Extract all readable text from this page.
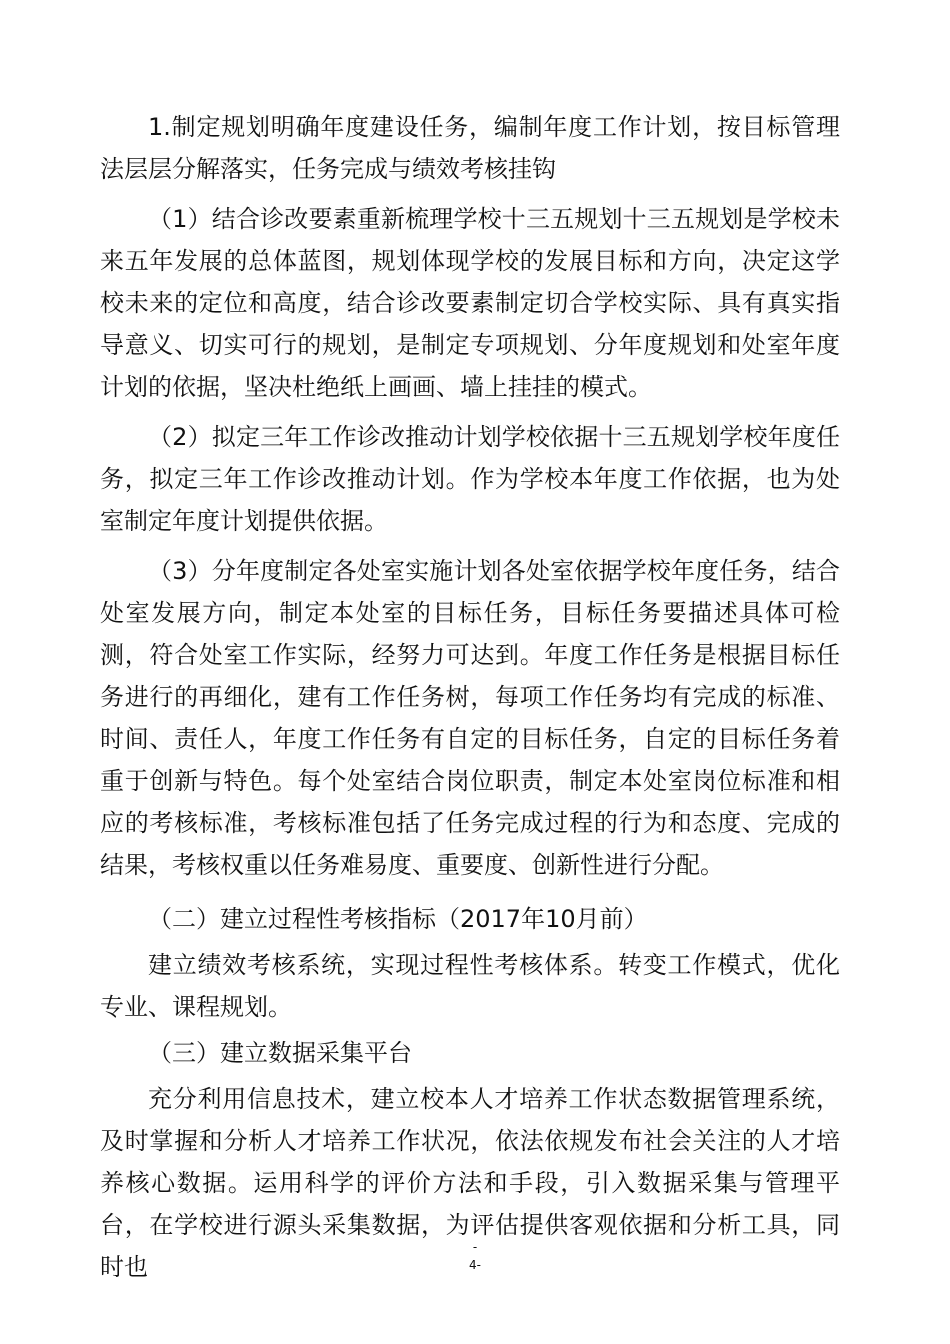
1.制定规划明确年度建设任务，编制年度工作计划，按目标管理法层层分解落实，任务完成与绩效考核挂钩

（1）结合诊改要素重新梳理学校十三五规划十三五规划是学校未来五年发展的总体蓝图，规划体现学校的发展目标和方向，决定这学校未来的定位和高度，结合诊改要素制定切合学校实际、具有真实指导意义、切实可行的规划，是制定专项规划、分年度规划和处室年度计划的依据，坚决杜绝纸上画画、墙上挂挂的模式。

（2）拟定三年工作诊改推动计划学校依据十三五规划学校年度任务，拟定三年工作诊改推动计划。作为学校本年度工作依据，也为处室制定年度计划提供依据。

（3）分年度制定各处室实施计划各处室依据学校年度任务，结合处室发展方向，制定本处室的目标任务，目标任务要描述具体可检测，符合处室工作实际，经努力可达到。年度工作任务是根据目标任务进行的再细化，建有工作任务树，每项工作任务均有完成的标准、时间、责任人，年度工作任务有自定的目标任务，自定的目标任务着重于创新与特色。每个处室结合岗位职责，制定本处室岗位标准和相应的考核标准，考核标准包括了任务完成过程的行为和态度、完成的结果，考核权重以任务难易度、重要度、创新性进行分配。

（二）建立过程性考核指标（2017年10月前）

建立绩效考核系统，实现过程性考核体系。转变工作模式，优化专业、课程规划。

（三）建立数据采集平台

充分利用信息技术，建立校本人才培养工作状态数据管理系统，及时掌握和分析人才培养工作状况，依法依规发布社会关注的人才培养核心数据。运用科学的评价方法和手段，引入数据采集与管理平台，在学校进行源头采集数据，为评估提供客观依据和分析工具，同时也

-
4-
